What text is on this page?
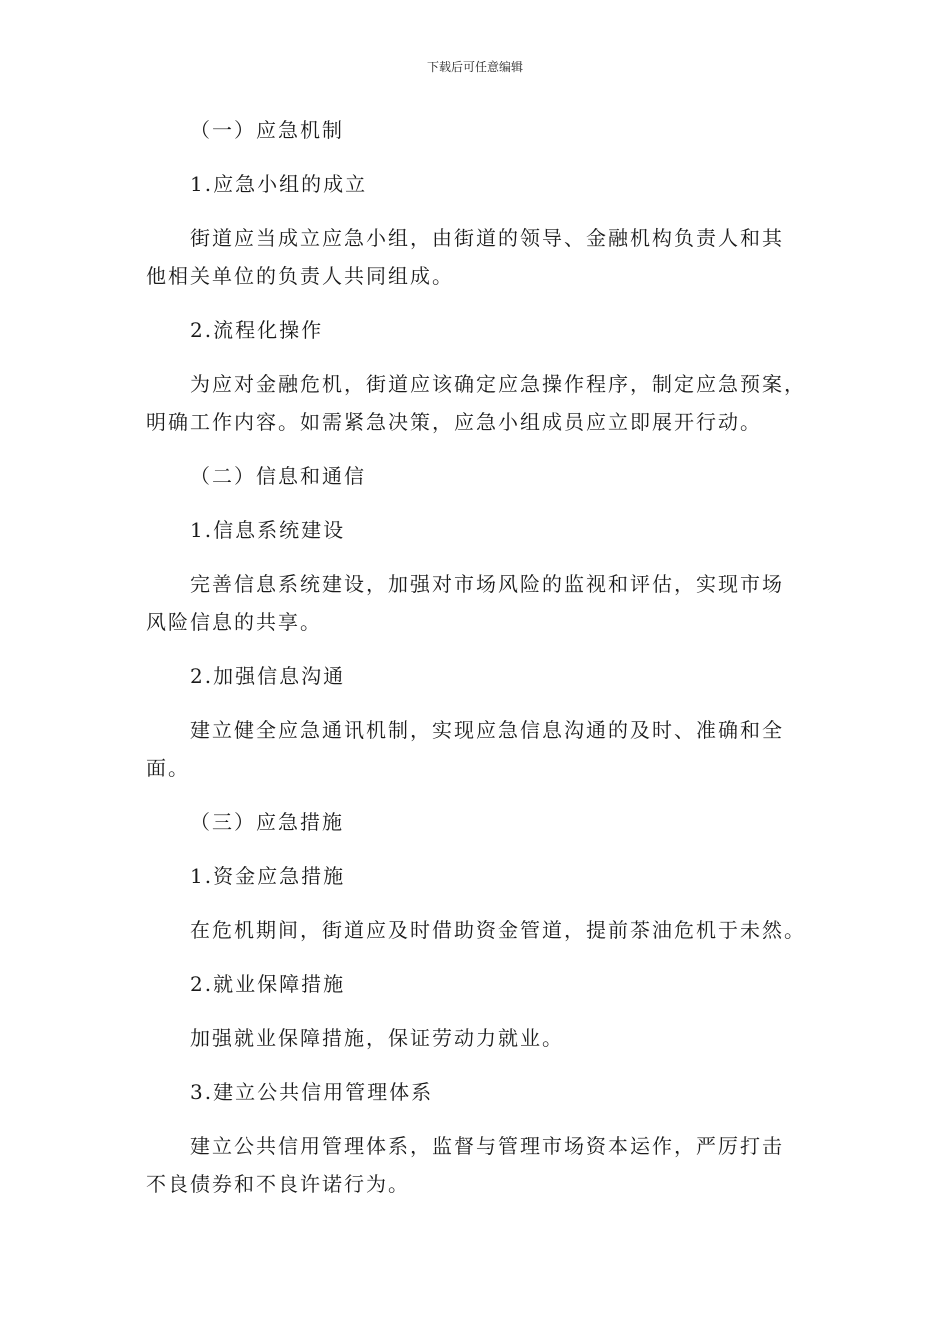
下载后可任意编辑
（一）应急机制
1.应急小组的成立
街道应当成立应急小组，由街道的领导、金融机构负责人和其
他相关单位的负责人共同组成。
2.流程化操作
为应对金融危机，街道应该确定应急操作程序，制定应急预案，
明确工作内容。如需紧急决策，应急小组成员应立即展开行动。
（二）信息和通信
1.信息系统建设
完善信息系统建设，加强对市场风险的监视和评估，实现市场
风险信息的共享。
2.加强信息沟通
建立健全应急通讯机制，实现应急信息沟通的及时、准确和全
面。
（三）应急措施
1.资金应急措施
在危机期间，街道应及时借助资金管道，提前茶油危机于未然。
2.就业保障措施
加强就业保障措施，保证劳动力就业。
3.建立公共信用管理体系
建立公共信用管理体系，监督与管理市场资本运作，严厉打击
不良债券和不良许诺行为。
